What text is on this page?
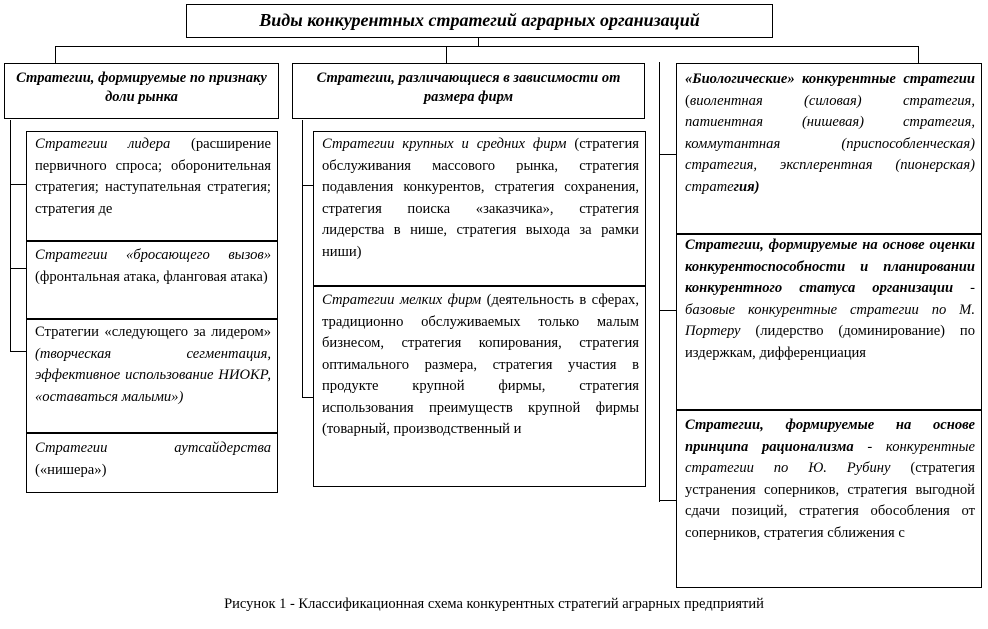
Виды конкурентных стратегий аграрных организаций
Стратегии, формируемые по признаку доли рынка
Стратегии, различающиеся в зависимости от размера фирм
Стратегии лидера (расширение первичного спроса; оборонительная стратегия; наступательная стратегия; стратегия де
Стратегии «бросающего вызов» (фронтальная атака, фланговая атака)
Стратегии «следующего за лидером» (творческая сегментация, эффективное использование НИОКР, «оставаться малыми»)
Стратегии аутсайдерства («нишера»)
Стратегии крупных и средних фирм (стратегия обслуживания массового рынка, стратегия подавления конкурентов, стратегия сохранения, стратегия поиска «заказчика», стратегия лидерства в нише, стратегия выхода за рамки ниши)
Стратегии мелких фирм (деятельность в сферах, традиционно обслуживаемых только малым бизнесом, стратегия копирования, стратегия оптимального размера, стратегия участия в продукте крупной фирмы, стратегия использования преимуществ крупной фирмы (товарный, производственный и
«Биологические» конкурентные стратегии (виолентная (силовая) стратегия, патиентная (нишевая) стратегия, коммутантная (приспособленческая) стратегия, эксплерентная (пионерская) стратегия)
Стратегии, формируемые на основе оценки конкурентоспособности и планировании конкурентного статуса организации - базовые конкурентные стратегии по М. Портеру (лидерство (доминирование) по издержкам, дифференциация
Стратегии, формируемые на основе принципа рационализма - конкурентные стратегии по Ю. Рубину (стратегия устранения соперников, стратегия выгодной сдачи позиций, стратегия обособления от соперников, стратегия сближения с
Рисунок 1 - Классификационная схема конкурентных стратегий аграрных предприятий
